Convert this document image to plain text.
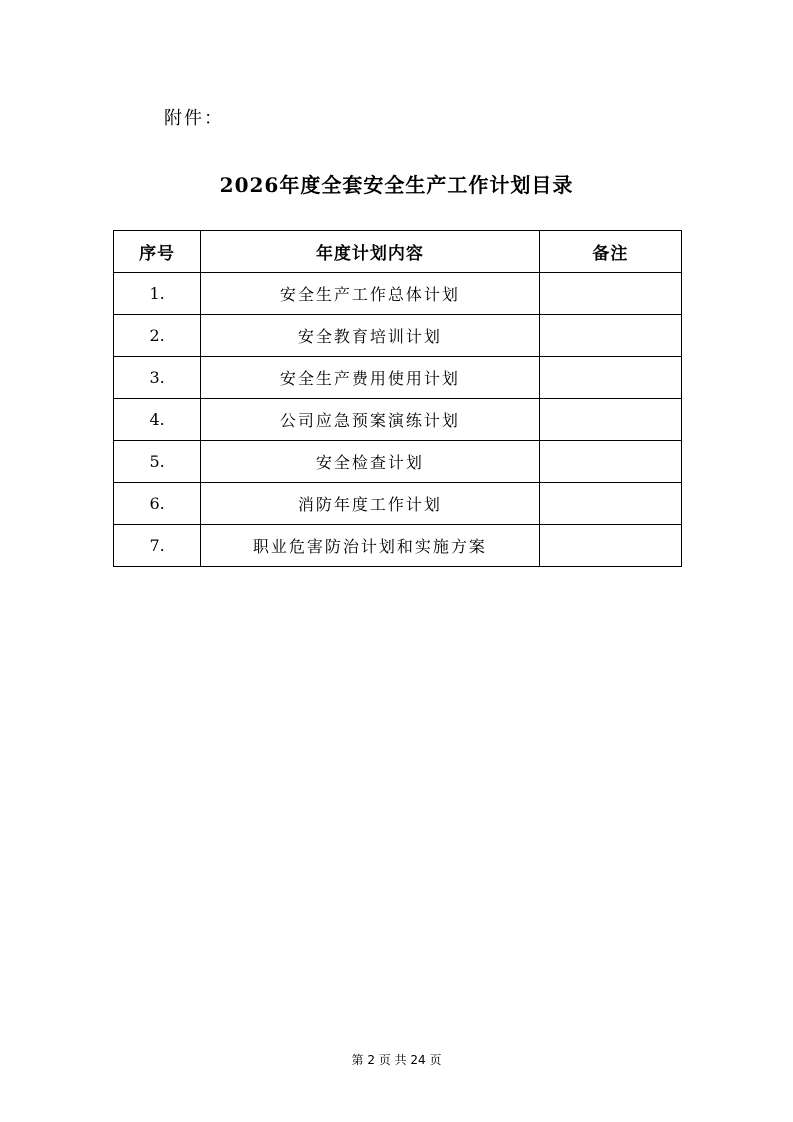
附件：
2026年度全套安全生产工作计划目录
序号	年度计划内容	备注
1.	安全生产工作总体计划	
2.	安全教育培训计划	
3.	安全生产费用使用计划	
4.	公司应急预案演练计划	
5.	安全检查计划	
6.	消防年度工作计划	
7.	职业危害防治计划和实施方案	
第 2 页 共 24 页
